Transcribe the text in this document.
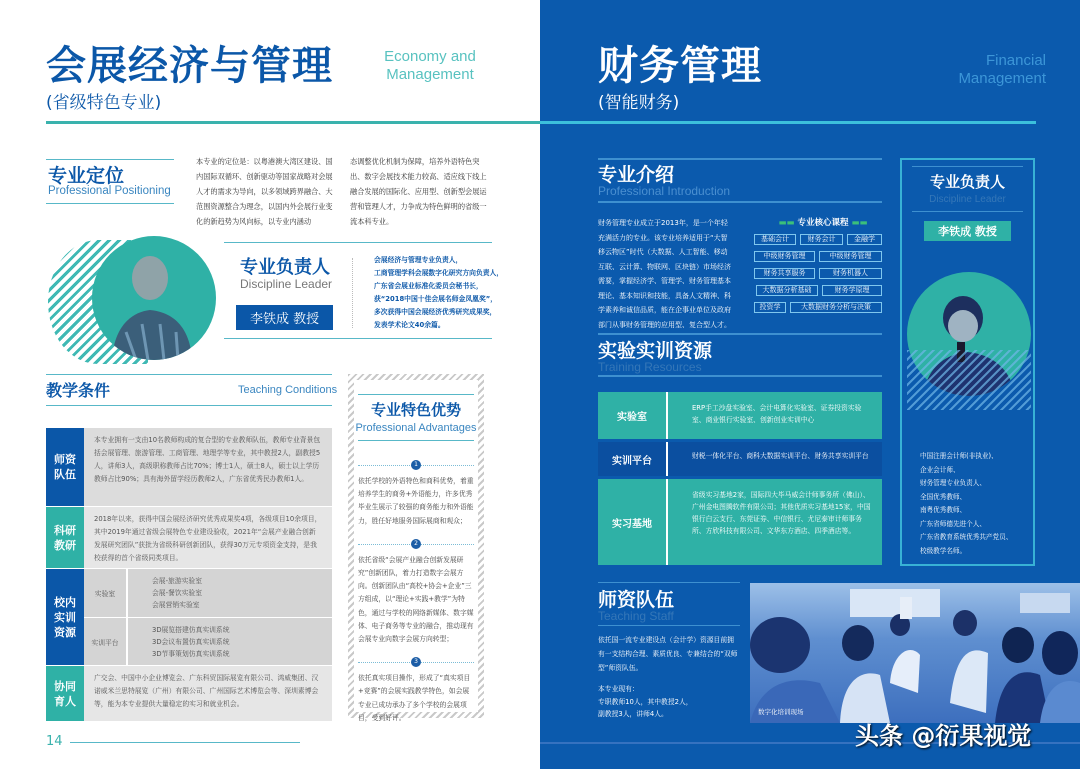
会展经济与管理
(省级特色专业)
Economy and
Management
专业定位
Professional Positioning
本专业的定位是：以粤港澳大湾区建设、国内国际双循环、创新驱动等国家战略对会展人才的需求为导向，以多领域跨界融合、大范围资源整合为理念，以国内外会展行业变化的新趋势为风向标，以专业内涵动
态调整优化机制为保障，培养外语特色突出、数字会展技术能力较高、适应线下线上融合发展的国际化、应用型、创新型会展运营和管理人才，力争成为特色鲜明的省级一流本科专业。
专业负责人
Discipline Leader
李铁成 教授
会展经济与管理专业负责人，
工商管理学科会展数字化研究方向负责人，
广东省会展业标准化委员会秘书长，
获“2018中国十佳会展名师金凤凰奖”，
多次获得中国会展经济优秀研究成果奖，
发表学术论文40余篇。
教学条件	Teaching Conditions
师资队伍
本专业拥有一支由10名教师构成的复合型的专业教师队伍，教师专业背景包括会展管理、旅游管理、工商管理、地理学等专业，其中教授2人，副教授5人，讲师3人，高级职称教师占比70%；博士1人，硕士8人，硕士以上学历教师占比90%；具有海外留学经历教师2人，广东省优秀民办教师1人。
科研教研
2018年以来，获得中国会展经济研究优秀成果奖4项，各级项目10余项目，其中2019年通过省级会展特色专业建设验收，2021年“会展产业融合创新发展研究团队”获批为省级科研创新团队，获得30万元专项资金支持，是我校获得的首个省级同类项目。
校内实训资源
实验室
会展-旅游实验室
会展-餐饮实验室
会展营销实验室
实训平台
3D展览搭建仿真实训系统
3D会议布置仿真实训系统
3D节事策划仿真实训系统
协同育人
广交会、中国中小企业博览会、广东科贸国际展览有限公司、鸿威集团、汉诺威米兰思特展览（广州）有限公司、广州国际艺术博览会等、深圳素博会等，能为本专业提供大量稳定的实习和就业机会。
专业特色优势
Professional Advantages
1
依托学校的外语特色和商科优势，着重培养学生的商务+外语能力，许多优秀毕业生展示了较强的商务能力和外语能力，胜任好地服务国际展商和观众；
2
依托省级“会展产业融合创新发展研究”创新团队，着力打造数字会展方向。创新团队由“高校+协会+企业”三方组成，以“理论+实践+教学”为特色，通过与学校的网络新媒体、数字媒体、电子商务等专业的融合，推动现有会展专业向数字会展方向转型；
3
依托真实项目操作，形成了“真实项目+竞赛”的会展实践教学特色，如会展专业已成功承办了多个学校的会展项目，受到好评。
14
财务管理
(智能财务)
Financial
Management
专业介绍
Professional Introduction
财务管理专业成立于2013年，是一个年轻充满活力的专业。该专业培养适用于“大智移云物区”时代（大数据、人工智能、移动互联、云计算、物联网、区块链）市场经济需要，掌握经济学、管理学、财务管理基本理论、基本知识和技能，具备人文精神、科学素养和诚信品质，能在企事业单位及政府部门从事财务管理的应用型、复合型人才。
▬▬ 专业核心课程 ▬▬
基础会计	财务会计	金融学
中级财务管理	中级财务管理
财务共享服务	财务机器人
大数据分析基础	财务学原理
投资学	大数据财务分析与决策
实验实训资源
Training Resources
实验室
ERP手工沙盘实验室、会计电算化实验室、证券投资实验室、商业银行实验室、创新创业实训中心
实训平台	财税一体化平台、商科大数据实训平台、财务共享实训平台
实习基地
省级实习基地2家，国际四大毕马威会计师事务所（佛山）、广州金电图腾软件有限公司；其他优质实习基地15家，中国银行白云支行、东莞证券、中信银行、尤尼泰审计师事务所、方欣科技有限公司、文华东方酒店、四季酒店等。
专业负责人
Discipline Leader
李铁成 教授
中国注册会计师(非执业)、
企业会计师、
财务管理专业负责人、
全国优秀教师、
南粤优秀教师、
广东省师德先进个人、
广东省教育系统优秀共产党员、
校级教学名师。
师资队伍
Teaching Staff
依托国一流专业建设点（会计学）资源目前拥有一支结构合理、素质优良、专兼结合的“双师型”师资队伍。
本专业现有：
专职教师10人，其中教授2人，
副教授3人，讲师4人。	数字化培训现场
头条 @衍果视觉
